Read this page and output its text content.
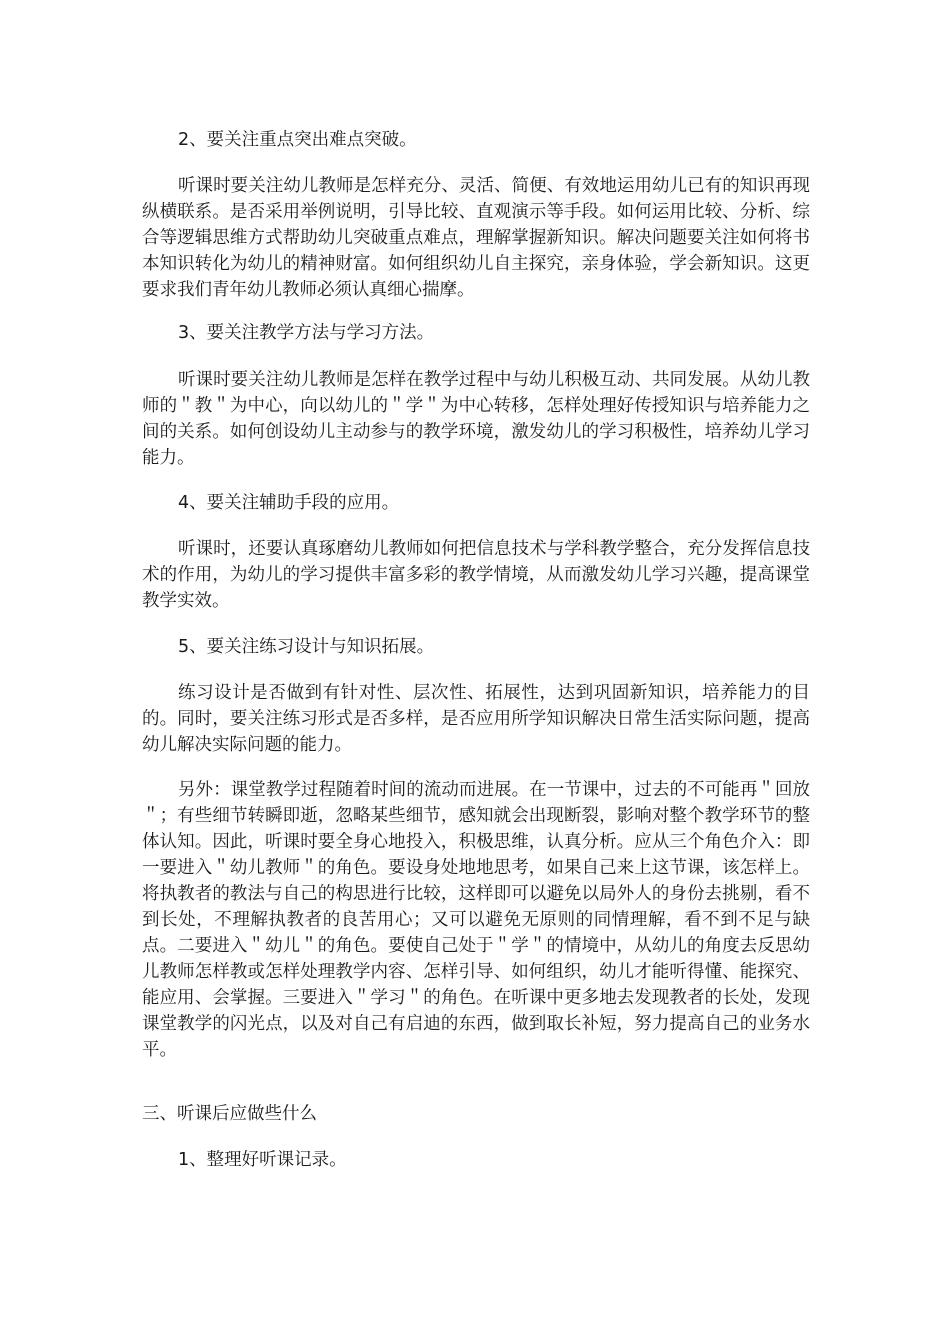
2、要关注重点突出难点突破。
听课时要关注幼儿教师是怎样充分、灵活、简便、有效地运用幼儿已有的知识再现纵横联系。是否采用举例说明，引导比较、直观演示等手段。如何运用比较、分析、综合等逻辑思维方式帮助幼儿突破重点难点，理解掌握新知识。解决问题要关注如何将书本知识转化为幼儿的精神财富。如何组织幼儿自主探究，亲身体验，学会新知识。这更要求我们青年幼儿教师必须认真细心揣摩。
3、要关注教学方法与学习方法。
听课时要关注幼儿教师是怎样在教学过程中与幼儿积极互动、共同发展。从幼儿教师的＂教＂为中心，向以幼儿的＂学＂为中心转移，怎样处理好传授知识与培养能力之间的关系。如何创设幼儿主动参与的教学环境，激发幼儿的学习积极性，培养幼儿学习能力。
4、要关注辅助手段的应用。
听课时，还要认真琢磨幼儿教师如何把信息技术与学科教学整合，充分发挥信息技术的作用，为幼儿的学习提供丰富多彩的教学情境，从而激发幼儿学习兴趣，提高课堂教学实效。
5、要关注练习设计与知识拓展。
练习设计是否做到有针对性、层次性、拓展性，达到巩固新知识，培养能力的目的。同时，要关注练习形式是否多样，是否应用所学知识解决日常生活实际问题，提高幼儿解决实际问题的能力。
另外：课堂教学过程随着时间的流动而进展。在一节课中，过去的不可能再＂回放＂；有些细节转瞬即逝，忽略某些细节，感知就会出现断裂，影响对整个教学环节的整体认知。因此，听课时要全身心地投入，积极思维，认真分析。应从三个角色介入：即一要进入＂幼儿教师＂的角色。要设身处地地思考，如果自己来上这节课，该怎样上。将执教者的教法与自己的构思进行比较，这样即可以避免以局外人的身份去挑剔，看不到长处，不理解执教者的良苦用心；又可以避免无原则的同情理解，看不到不足与缺点。二要进入＂幼儿＂的角色。要使自己处于＂学＂的情境中，从幼儿的角度去反思幼儿教师怎样教或怎样处理教学内容、怎样引导、如何组织，幼儿才能听得懂、能探究、能应用、会掌握。三要进入＂学习＂的角色。在听课中更多地去发现教者的长处，发现课堂教学的闪光点，以及对自己有启迪的东西，做到取长补短，努力提高自己的业务水平。
三、听课后应做些什么
1、整理好听课记录。
